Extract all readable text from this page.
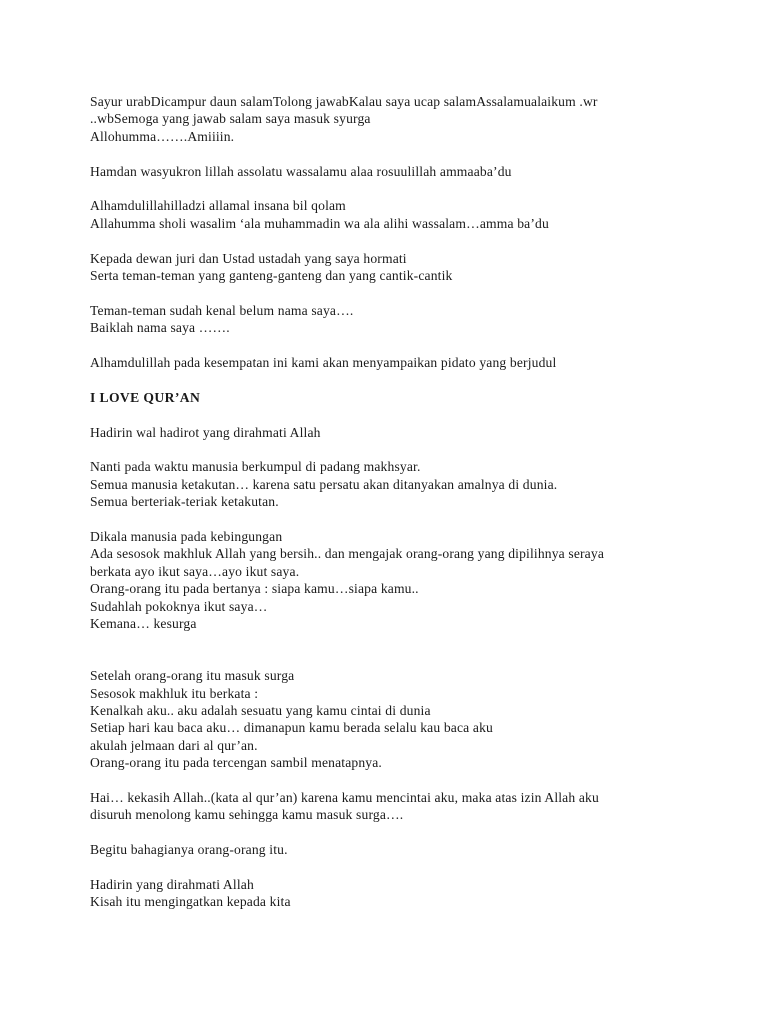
Sayur urabDicampur daun salamTolong jawabKalau saya ucap salamAssalamualaikum .wr
..wbSemoga yang jawab salam saya masuk syurga
Allohumma…….Amiiiin.
Hamdan wasyukron lillah assolatu wassalamu alaa rosuulillah ammaaba’du
Alhamdulillahilladzi allamal insana bil qolam
Allahumma sholi wasalim ‘ala muhammadin wa ala alihi wassalam…amma ba’du
Kepada dewan juri dan Ustad ustadah yang saya hormati
Serta teman-teman yang ganteng-ganteng dan yang cantik-cantik
Teman-teman sudah kenal belum nama saya….
Baiklah nama saya …….
Alhamdulillah pada kesempatan ini kami akan menyampaikan pidato yang berjudul
I LOVE QUR’AN
Hadirin wal hadirot yang dirahmati Allah
Nanti pada waktu manusia berkumpul di padang makhsyar.
Semua manusia ketakutan… karena satu persatu akan ditanyakan amalnya di dunia.
Semua berteriak-teriak ketakutan.
Dikala manusia pada kebingungan
Ada sesosok makhluk Allah yang bersih.. dan mengajak orang-orang yang dipilihnya seraya
berkata ayo ikut saya…ayo ikut saya.
Orang-orang itu pada bertanya : siapa kamu…siapa kamu..
Sudahlah pokoknya ikut saya…
Kemana… kesurga
Setelah orang-orang itu masuk surga
Sesosok makhluk itu berkata :
Kenalkah aku.. aku adalah sesuatu yang kamu cintai di dunia
Setiap hari kau baca aku… dimanapun kamu berada selalu kau baca aku
akulah jelmaan dari al qur’an.
Orang-orang itu pada tercengan sambil menatapnya.
Hai… kekasih Allah..(kata al qur’an) karena kamu mencintai aku, maka atas izin Allah aku
disuruh menolong kamu sehingga kamu masuk surga….
Begitu bahagianya orang-orang itu.
Hadirin yang dirahmati Allah
Kisah itu mengingatkan kepada kita
